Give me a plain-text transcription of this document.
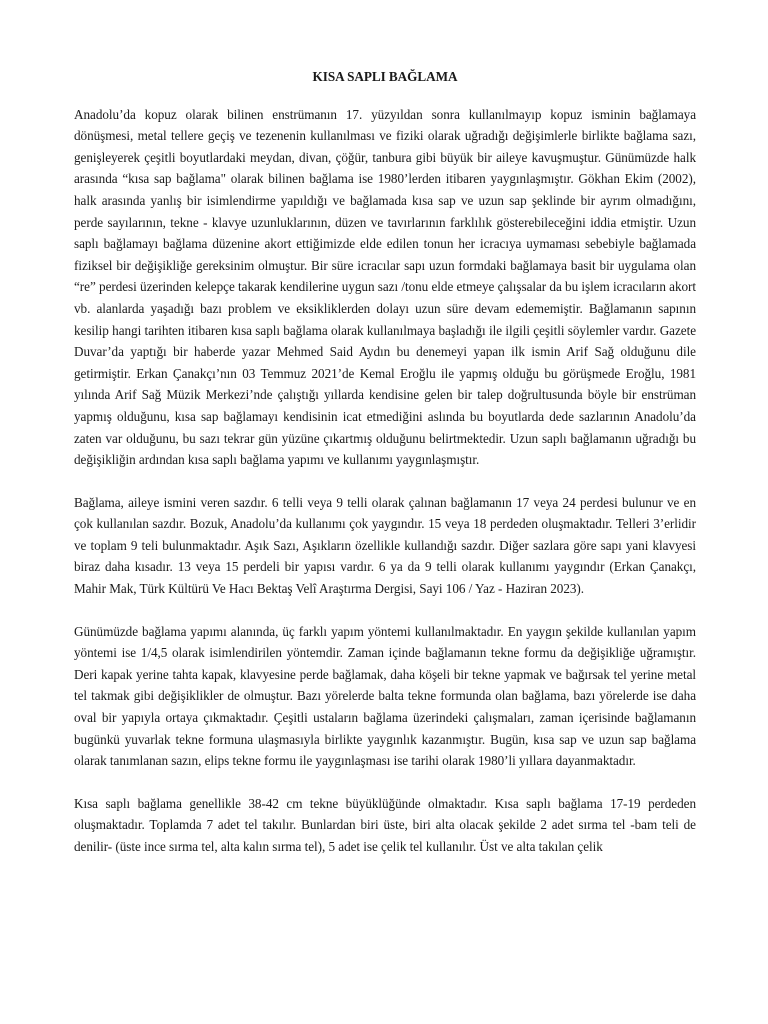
KISA SAPLI BAĞLAMA

Anadolu’da kopuz olarak bilinen enstrümanın 17. yüzyıldan sonra kullanılmayıp kopuz isminin bağlamaya dönüşmesi, metal tellere geçiş ve tezenenin kullanılması ve fiziki olarak uğradığı değişimlerle birlikte bağlama sazı, genişleyerek çeşitli boyutlardaki meydan, divan, çöğür, tanbura gibi büyük bir aileye kavuşmuştur. Günümüzde halk arasında “kısa sap bağlama" olarak bilinen bağlama ise 1980’lerden itibaren yaygınlaşmıştır. Gökhan Ekim (2002), halk arasında yanlış bir isimlendirme yapıldığı ve bağlamada kısa sap ve uzun sap şeklinde bir ayrım olmadığını, perde sayılarının, tekne - klavye uzunluklarının, düzen ve tavırlarının farklılık gösterebileceğini iddia etmiştir. Uzun saplı bağlamayı bağlama düzenine akort ettiğimizde elde edilen tonun her icracıya uymaması sebebiyle bağlamada fiziksel bir değişikliğe gereksinim olmuştur. Bir süre icracılar sapı uzun formdaki bağlamaya basit bir uygulama olan “re” perdesi üzerinden kelepçe takarak kendilerine uygun sazı /tonu elde etmeye çalışsalar da bu işlem icracıların akort vb. alanlarda yaşadığı bazı problem ve eksikliklerden dolayı uzun süre devam edememiştir. Bağlamanın sapının kesilip hangi tarihten itibaren kısa saplı bağlama olarak kullanılmaya başladığı ile ilgili çeşitli söylemler vardır. Gazete Duvar’da yaptığı bir haberde yazar Mehmed Said Aydın bu denemeyi yapan ilk ismin Arif Sağ olduğunu dile getirmiştir. Erkan Çanakçı’nın 03 Temmuz 2021’de Kemal Eroğlu ile yapmış olduğu bu görüşmede Eroğlu, 1981 yılında Arif Sağ Müzik Merkezi’nde çalıştığı yıllarda kendisine gelen bir talep doğrultusunda böyle bir enstrüman yapmış olduğunu, kısa sap bağlamayı kendisinin icat etmediğini aslında bu boyutlarda dede sazlarının Anadolu’da zaten var olduğunu, bu sazı tekrar gün yüzüne çıkartmış olduğunu belirtmektedir. Uzun saplı bağlamanın uğradığı bu değişikliğin ardından kısa saplı bağlama yapımı ve kullanımı yaygınlaşmıştır.

Bağlama, aileye ismini veren sazdır. 6 telli veya 9 telli olarak çalınan bağlamanın 17 veya 24 perdesi bulunur ve en çok kullanılan sazdır. Bozuk, Anadolu’da kullanımı çok yaygındır. 15 veya 18 perdeden oluşmaktadır. Telleri 3’erlidir ve toplam 9 teli bulunmaktadır. Aşık Sazı, Aşıkların özellikle kullandığı sazdır. Diğer sazlara göre sapı yani klavyesi biraz daha kısadır. 13 veya 15 perdeli bir yapısı vardır. 6 ya da 9 telli olarak kullanımı yaygındır (Erkan Çanakçı, Mahir Mak, Türk Kültürü Ve Hacı Bektaş Velî Araştırma Dergisi, Sayi 106 / Yaz - Haziran 2023).

Günümüzde bağlama yapımı alanında, üç farklı yapım yöntemi kullanılmaktadır. En yaygın şekilde kullanılan yapım yöntemi ise 1/4,5 olarak isimlendirilen yöntemdir. Zaman içinde bağlamanın tekne formu da değişikliğe uğramıştır. Deri kapak yerine tahta kapak, klavyesine perde bağlamak, daha köşeli bir tekne yapmak ve bağırsak tel yerine metal tel takmak gibi değişiklikler de olmuştur. Bazı yörelerde balta tekne formunda olan bağlama, bazı yörelerde ise daha oval bir yapıyla ortaya çıkmaktadır. Çeşitli ustaların bağlama üzerindeki çalışmaları, zaman içerisinde bağlamanın bugünkü yuvarlak tekne formuna ulaşmasıyla birlikte yaygınlık kazanmıştır. Bugün, kısa sap ve uzun sap bağlama olarak tanımlanan sazın, elips tekne formu ile yaygınlaşması ise tarihi olarak 1980’li yıllara dayanmaktadır.

Kısa saplı bağlama genellikle 38-42 cm tekne büyüklüğünde olmaktadır. Kısa saplı bağlama 17-19 perdeden oluşmaktadır. Toplamda 7 adet tel takılır. Bunlardan biri üste, biri alta olacak şekilde 2 adet sırma tel -bam teli de denilir- (üste ince sırma tel, alta kalın sırma tel), 5 adet ise çelik tel kullanılır. Üst ve alta takılan çelik
